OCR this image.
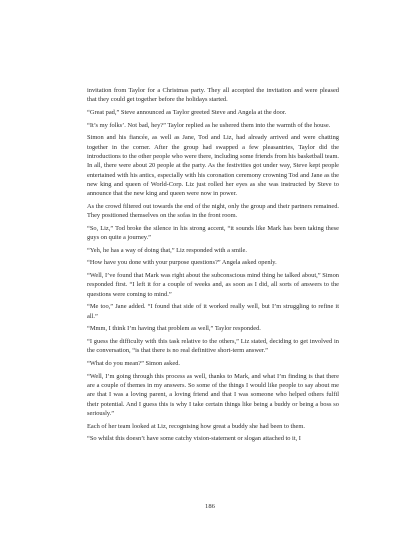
invitation from Taylor for a Christmas party. They all accepted the invitation and were pleased that they could get together before the holidays started.

“Great pad,” Steve announced as Taylor greeted Steve and Angela at the door.

“It’s my folks’. Not bad, hey?” Taylor replied as he ushered them into the warmth of the house.

Simon and his fiancée, as well as Jane, Tod and Liz, had already arrived and were chatting together in the corner. After the group had swapped a few pleasantries, Taylor did the introductions to the other people who were there, including some friends from his basketball team. In all, there were about 20 people at the party. As the festivities got under way, Steve kept people entertained with his antics, especially with his coronation ceremony crowning Tod and Jane as the new king and queen of World-Corp. Liz just rolled her eyes as she was instructed by Steve to announce that the new king and queen were now in power.

As the crowd filtered out towards the end of the night, only the group and their partners remained. They positioned themselves on the sofas in the front room.

“So, Liz,” Tod broke the silence in his strong accent, “it sounds like Mark has been taking these guys on quite a journey.”

“Yeh, he has a way of doing that,” Liz responded with a smile.

“How have you done with your purpose questions?” Angela asked openly.

“Well, I’ve found that Mark was right about the subconscious mind thing he talked about,” Simon responded first. “I left it for a couple of weeks and, as soon as I did, all sorts of answers to the questions were coming to mind.”

“Me too,” Jane added. “I found that side of it worked really well, but I’m struggling to refine it all.”

“Mmm, I think I’m having that problem as well,” Taylor responded.

“I guess the difficulty with this task relative to the others,” Liz stated, deciding to get involved in the conversation, “is that there is no real definitive short-term answer.”

“What do you mean?” Simon asked.

“Well, I’m going through this process as well, thanks to Mark, and what I’m finding is that there are a couple of themes in my answers. So some of the things I would like people to say about me are that I was a loving parent, a loving friend and that I was someone who helped others fulfil their potential. And I guess this is why I take certain things like being a buddy or being a boss so seriously.”

Each of her team looked at Liz, recognising how great a buddy she had been to them.

“So whilst this doesn’t have some catchy vision-statement or slogan attached to it, I

186
